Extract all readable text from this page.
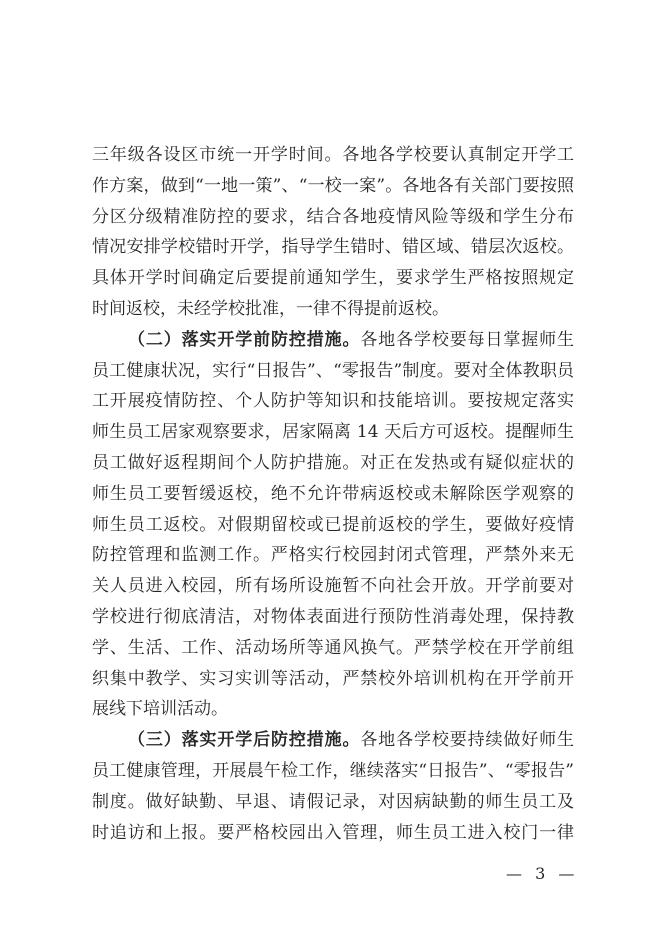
三年级各设区市统一开学时间。各地各学校要认真制定开学工
作方案，做到“一地一策”、“一校一案”。各地各有关部门要按照
分区分级精准防控的要求，结合各地疫情风险等级和学生分布
情况安排学校错时开学，指导学生错时、错区域、错层次返校。
具体开学时间确定后要提前通知学生，要求学生严格按照规定
时间返校，未经学校批准，一律不得提前返校。
（二）落实开学前防控措施。各地各学校要每日掌握师生
员工健康状况，实行“日报告”、“零报告”制度。要对全体教职员
工开展疫情防控、个人防护等知识和技能培训。要按规定落实
师生员工居家观察要求，居家隔离 14 天后方可返校。提醒师生
员工做好返程期间个人防护措施。对正在发热或有疑似症状的
师生员工要暂缓返校，绝不允许带病返校或未解除医学观察的
师生员工返校。对假期留校或已提前返校的学生，要做好疫情
防控管理和监测工作。严格实行校园封闭式管理，严禁外来无
关人员进入校园，所有场所设施暂不向社会开放。开学前要对
学校进行彻底清洁，对物体表面进行预防性消毒处理，保持教
学、生活、工作、活动场所等通风换气。严禁学校在开学前组
织集中教学、实习实训等活动，严禁校外培训机构在开学前开
展线下培训活动。
（三）落实开学后防控措施。各地各学校要持续做好师生
员工健康管理，开展晨午检工作，继续落实“日报告”、“零报告”
制度。做好缺勤、早退、请假记录，对因病缺勤的师生员工及
时追访和上报。要严格校园出入管理，师生员工进入校门一律
— 3 —
